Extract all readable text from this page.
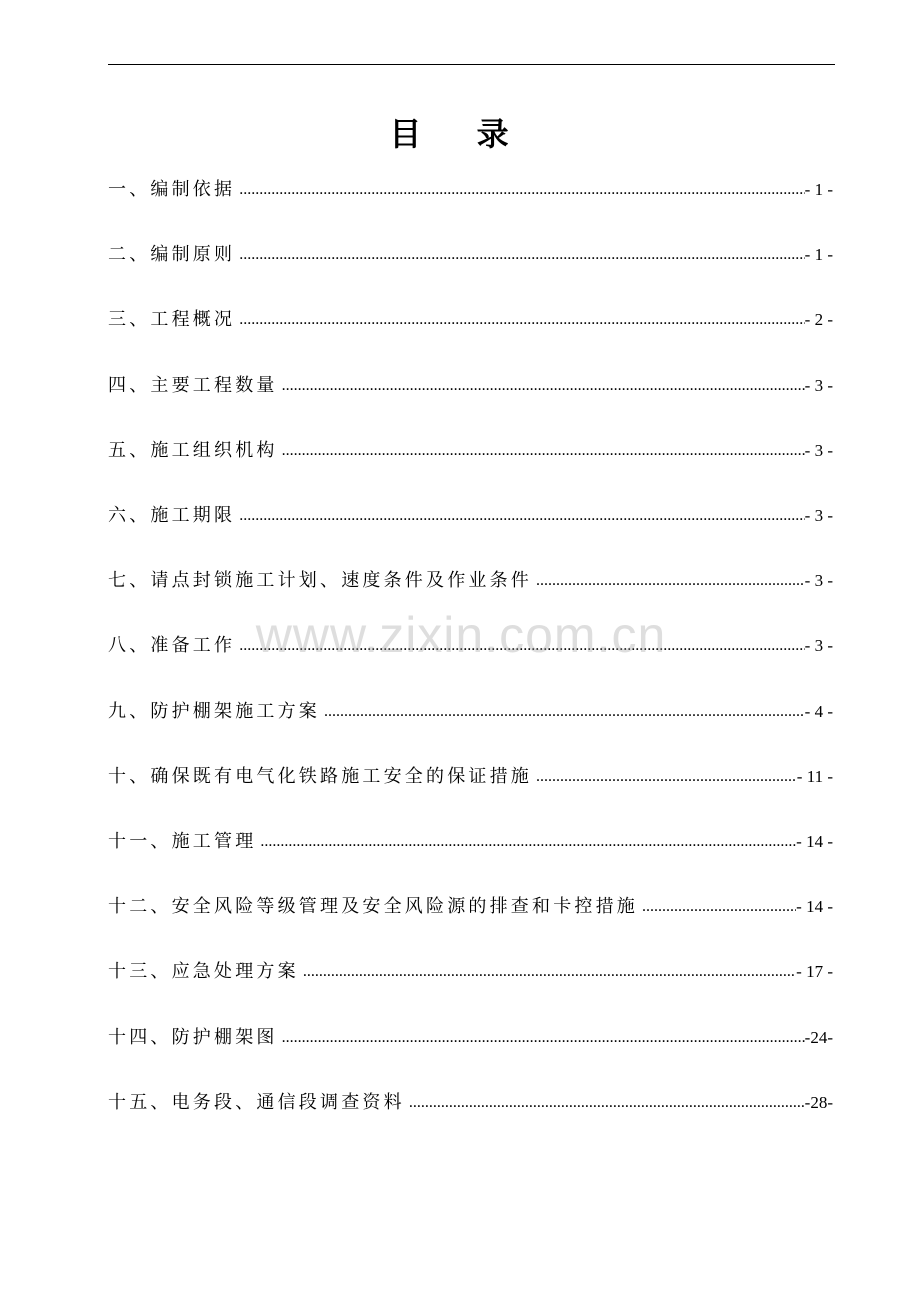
目 录
一、编制依据 .....	- 1 -
二、编制原则 .....	- 1 -
三、工程概况 .....	- 2 -
四、主要工程数量 .....	- 3 -
五、施工组织机构 .....	- 3 -
六、施工期限 .....	- 3 -
七、请点封锁施工计划、速度条件及作业条件 .....	- 3 -
八、准备工作 .....	- 3 -
九、防护棚架施工方案 .....	- 4 -
十、确保既有电气化铁路施工安全的保证措施 .....	- 11 -
十一、施工管理 .....	- 14 -
十二、安全风险等级管理及安全风险源的排查和卡控措施 .....	- 14 -
十三、应急处理方案 .....	- 17 -
十四、防护棚架图 .....	-24-
十五、电务段、通信段调查资料 .....	-28-
www.zixin.com.cn
